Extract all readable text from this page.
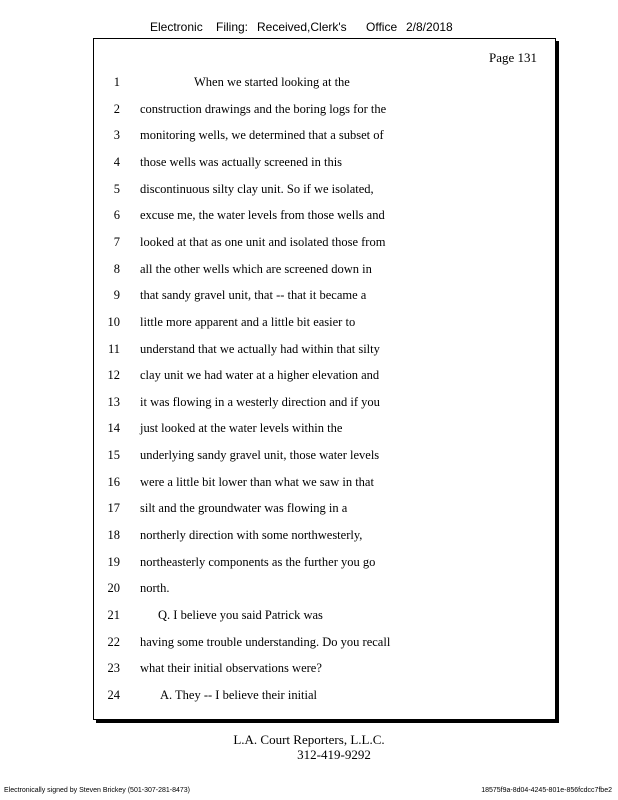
Electronic Filing: Received,Clerk's Office 2/8/2018
Page 131
1	When we started looking at the
2 construction drawings and the boring logs for the
3 monitoring wells, we determined that a subset of
4 those wells was actually screened in this
5 discontinuous silty clay unit. So if we isolated,
6 excuse me, the water levels from those wells and
7 looked at that as one unit and isolated those from
8 all the other wells which are screened down in
9 that sandy gravel unit, that -- that it became a
10 little more apparent and a little bit easier to
11 understand that we actually had within that silty
12 clay unit we had water at a higher elevation and
13 it was flowing in a westerly direction and if you
14 just looked at the water levels within the
15 underlying sandy gravel unit, those water levels
16 were a little bit lower than what we saw in that
17 silt and the groundwater was flowing in a
18 northerly direction with some northwesterly,
19 northeasterly components as the further you go
20 north.
21	Q. I believe you said Patrick was
22 having some trouble understanding. Do you recall
23 what their initial observations were?
24	A. They -- I believe their initial
L.A. Court Reporters, L.L.C.
312-419-9292
Electronically signed by Steven Brickey (501-307-281-8473)	18575f9a-8d04-4245-801e-856fcdcc7fbe2
